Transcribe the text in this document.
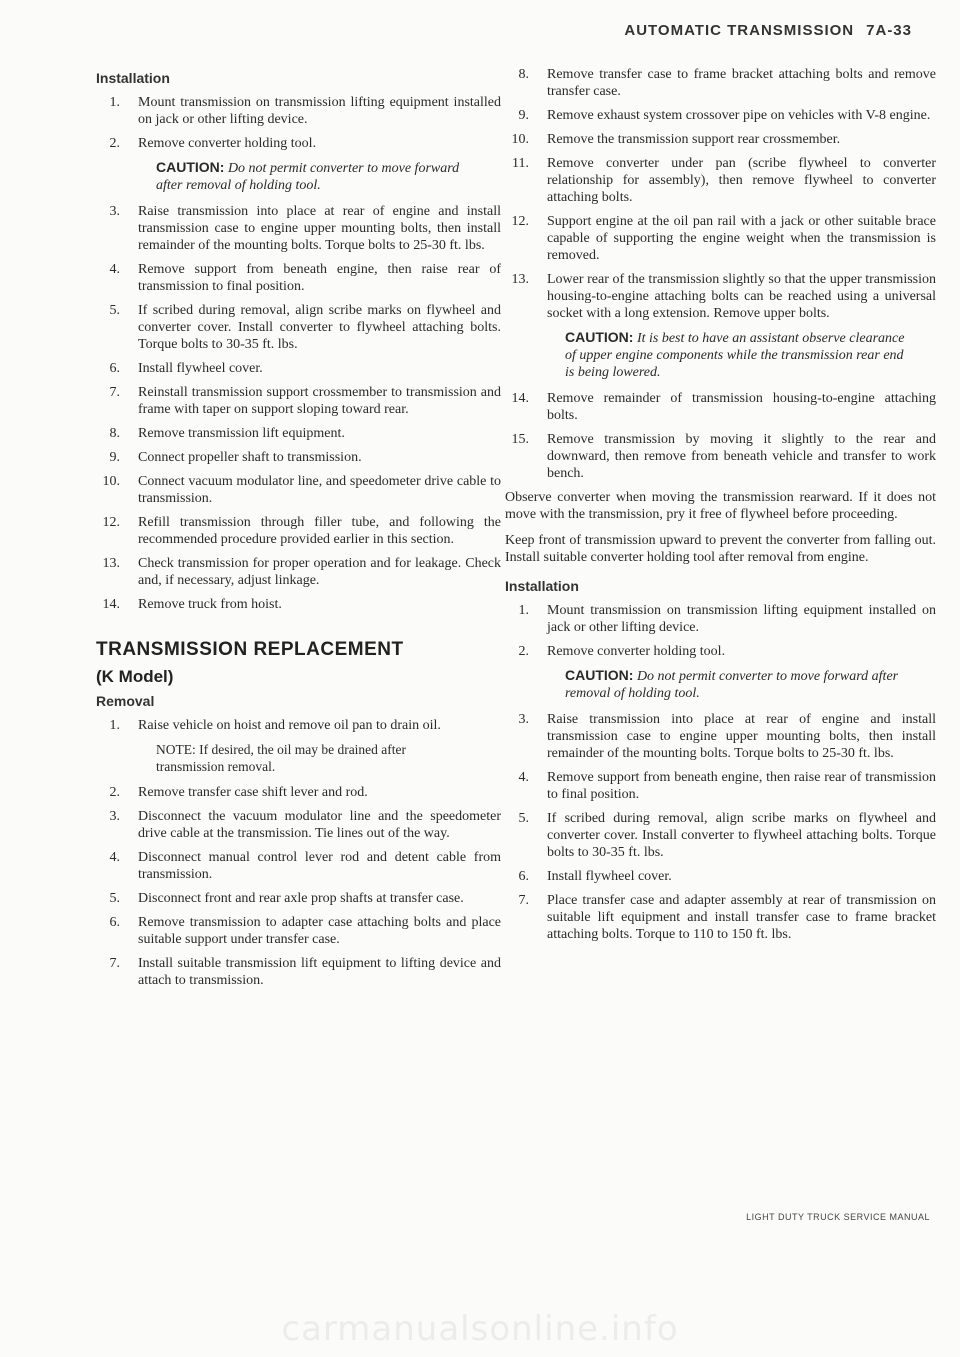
AUTOMATIC TRANSMISSION 7A-33
Installation
1.	Mount transmission on transmission lifting equipment installed on jack or other lifting device.
2.	Remove converter holding tool.
CAUTION: Do not permit converter to move forward after removal of holding tool.
3.	Raise transmission into place at rear of engine and install transmission case to engine upper mounting bolts, then install remainder of the mounting bolts. Torque bolts to 25-30 ft. lbs.
4.	Remove support from beneath engine, then raise rear of transmission to final position.
5.	If scribed during removal, align scribe marks on flywheel and converter cover. Install converter to flywheel attaching bolts. Torque bolts to 30-35 ft. lbs.
6.	Install flywheel cover.
7.	Reinstall transmission support crossmember to transmission and frame with taper on support sloping toward rear.
8.	Remove transmission lift equipment.
9.	Connect propeller shaft to transmission.
10.	Connect vacuum modulator line, and speedometer drive cable to transmission.
12.	Refill transmission through filler tube, and following the recommended procedure provided earlier in this section.
13.	Check transmission for proper operation and for leakage. Check and, if necessary, adjust linkage.
14.	Remove truck from hoist.
TRANSMISSION REPLACEMENT
(K Model)
Removal
1.	Raise vehicle on hoist and remove oil pan to drain oil.
NOTE: If desired, the oil may be drained after transmission removal.
2.	Remove transfer case shift lever and rod.
3.	Disconnect the vacuum modulator line and the speedometer drive cable at the transmission. Tie lines out of the way.
4.	Disconnect manual control lever rod and detent cable from transmission.
5.	Disconnect front and rear axle prop shafts at transfer case.
6.	Remove transmission to adapter case attaching bolts and place suitable support under transfer case.
7.	Install suitable transmission lift equipment to lifting device and attach to transmission.
8.	Remove transfer case to frame bracket attaching bolts and remove transfer case.
9.	Remove exhaust system crossover pipe on vehicles with V-8 engine.
10.	Remove the transmission support rear crossmember.
11.	Remove converter under pan (scribe flywheel to converter relationship for assembly), then remove flywheel to converter attaching bolts.
12.	Support engine at the oil pan rail with a jack or other suitable brace capable of supporting the engine weight when the transmission is removed.
13.	Lower rear of the transmission slightly so that the upper transmission housing-to-engine attaching bolts can be reached using a universal socket with a long extension. Remove upper bolts.
CAUTION: It is best to have an assistant observe clearance of upper engine components while the transmission rear end is being lowered.
14.	Remove remainder of transmission housing-to-engine attaching bolts.
15.	Remove transmission by moving it slightly to the rear and downward, then remove from beneath vehicle and transfer to work bench.

Observe converter when moving the transmission rearward. If it does not move with the transmission, pry it free of flywheel before proceeding.

Keep front of transmission upward to prevent the converter from falling out. Install suitable converter holding tool after removal from engine.

Installation
1.	Mount transmission on transmission lifting equipment installed on jack or other lifting device.
2.	Remove converter holding tool.
CAUTION: Do not permit converter to move forward after removal of holding tool.
3.	Raise transmission into place at rear of engine and install transmission case to engine upper mounting bolts, then install remainder of the mounting bolts. Torque bolts to 25-30 ft. lbs.
4.	Remove support from beneath engine, then raise rear of transmission to final position.
5.	If scribed during removal, align scribe marks on flywheel and converter cover. Install converter to flywheel attaching bolts. Torque bolts to 30-35 ft. lbs.
6.	Install flywheel cover.
7.	Place transfer case and adapter assembly at rear of transmission on suitable lift equipment and install transfer case to frame bracket attaching bolts. Torque to 110 to 150 ft. lbs.
LIGHT DUTY TRUCK SERVICE MANUAL
carmanualsonline.info
